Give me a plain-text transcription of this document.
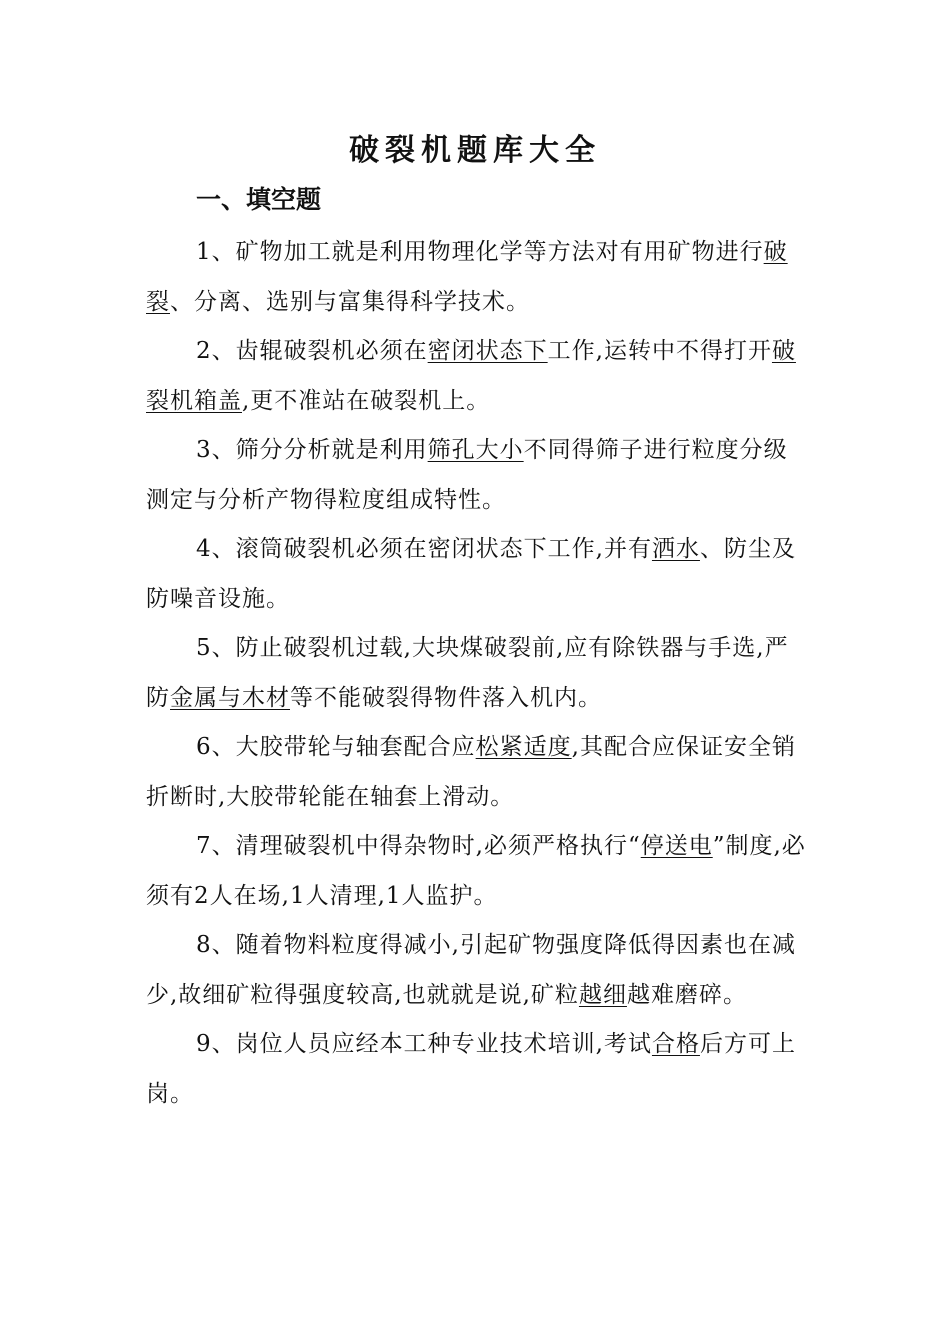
破裂机题库大全
一、填空题

1、矿物加工就是利用物理化学等方法对有用矿物进行破裂、分离、选别与富集得科学技术。

2、齿辊破裂机必须在密闭状态下工作,运转中不得打开破裂机箱盖,更不准站在破裂机上。

3、筛分分析就是利用筛孔大小不同得筛子进行粒度分级测定与分析产物得粒度组成特性。

4、滚筒破裂机必须在密闭状态下工作,并有洒水、防尘及防噪音设施。

5、防止破裂机过载,大块煤破裂前,应有除铁器与手选,严防金属与木材等不能破裂得物件落入机内。

6、大胶带轮与轴套配合应松紧适度,其配合应保证安全销折断时,大胶带轮能在轴套上滑动。

7、清理破裂机中得杂物时,必须严格执行“停送电”制度,必须有2人在场,1人清理,1人监护。

8、随着物料粒度得减小,引起矿物强度降低得因素也在减少,故细矿粒得强度较高,也就就是说,矿粒越细越难磨碎。

9、岗位人员应经本工种专业技术培训,考试合格后方可上岗。
